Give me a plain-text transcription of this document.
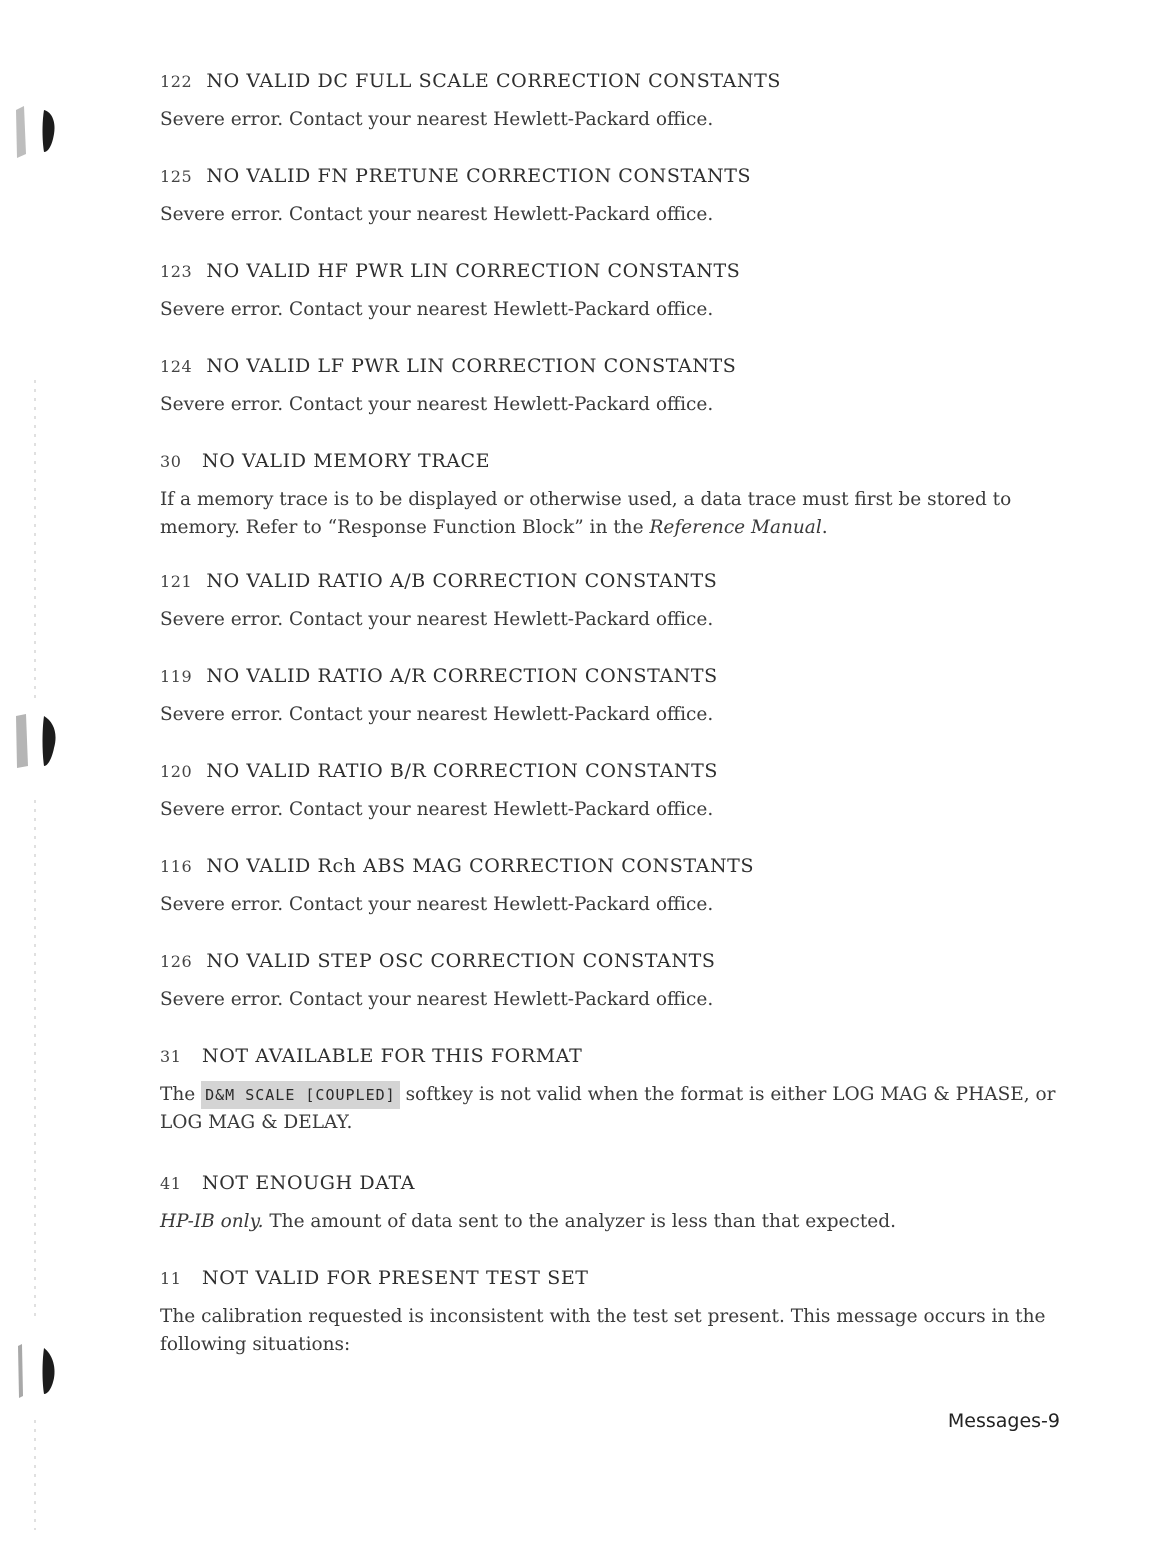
122 NO VALID DC FULL SCALE CORRECTION CONSTANTS
Severe error. Contact your nearest Hewlett-Packard office.
125 NO VALID FN PRETUNE CORRECTION CONSTANTS
Severe error. Contact your nearest Hewlett-Packard office.
123 NO VALID HF PWR LIN CORRECTION CONSTANTS
Severe error. Contact your nearest Hewlett-Packard office.
124 NO VALID LF PWR LIN CORRECTION CONSTANTS
Severe error. Contact your nearest Hewlett-Packard office.
30 NO VALID MEMORY TRACE
If a memory trace is to be displayed or otherwise used, a data trace must first be stored to memory. Refer to “Response Function Block” in the Reference Manual.
121 NO VALID RATIO A/B CORRECTION CONSTANTS
Severe error. Contact your nearest Hewlett-Packard office.
119 NO VALID RATIO A/R CORRECTION CONSTANTS
Severe error. Contact your nearest Hewlett-Packard office.
120 NO VALID RATIO B/R CORRECTION CONSTANTS
Severe error. Contact your nearest Hewlett-Packard office.
116 NO VALID Rch ABS MAG CORRECTION CONSTANTS
Severe error. Contact your nearest Hewlett-Packard office.
126 NO VALID STEP OSC CORRECTION CONSTANTS
Severe error. Contact your nearest Hewlett-Packard office.
31 NOT AVAILABLE FOR THIS FORMAT
The D&M SCALE [COUPLED] softkey is not valid when the format is either LOG MAG & PHASE, or LOG MAG & DELAY.
41 NOT ENOUGH DATA
HP-IB only. The amount of data sent to the analyzer is less than that expected.
11 NOT VALID FOR PRESENT TEST SET
The calibration requested is inconsistent with the test set present. This message occurs in the following situations:
Messages-9
